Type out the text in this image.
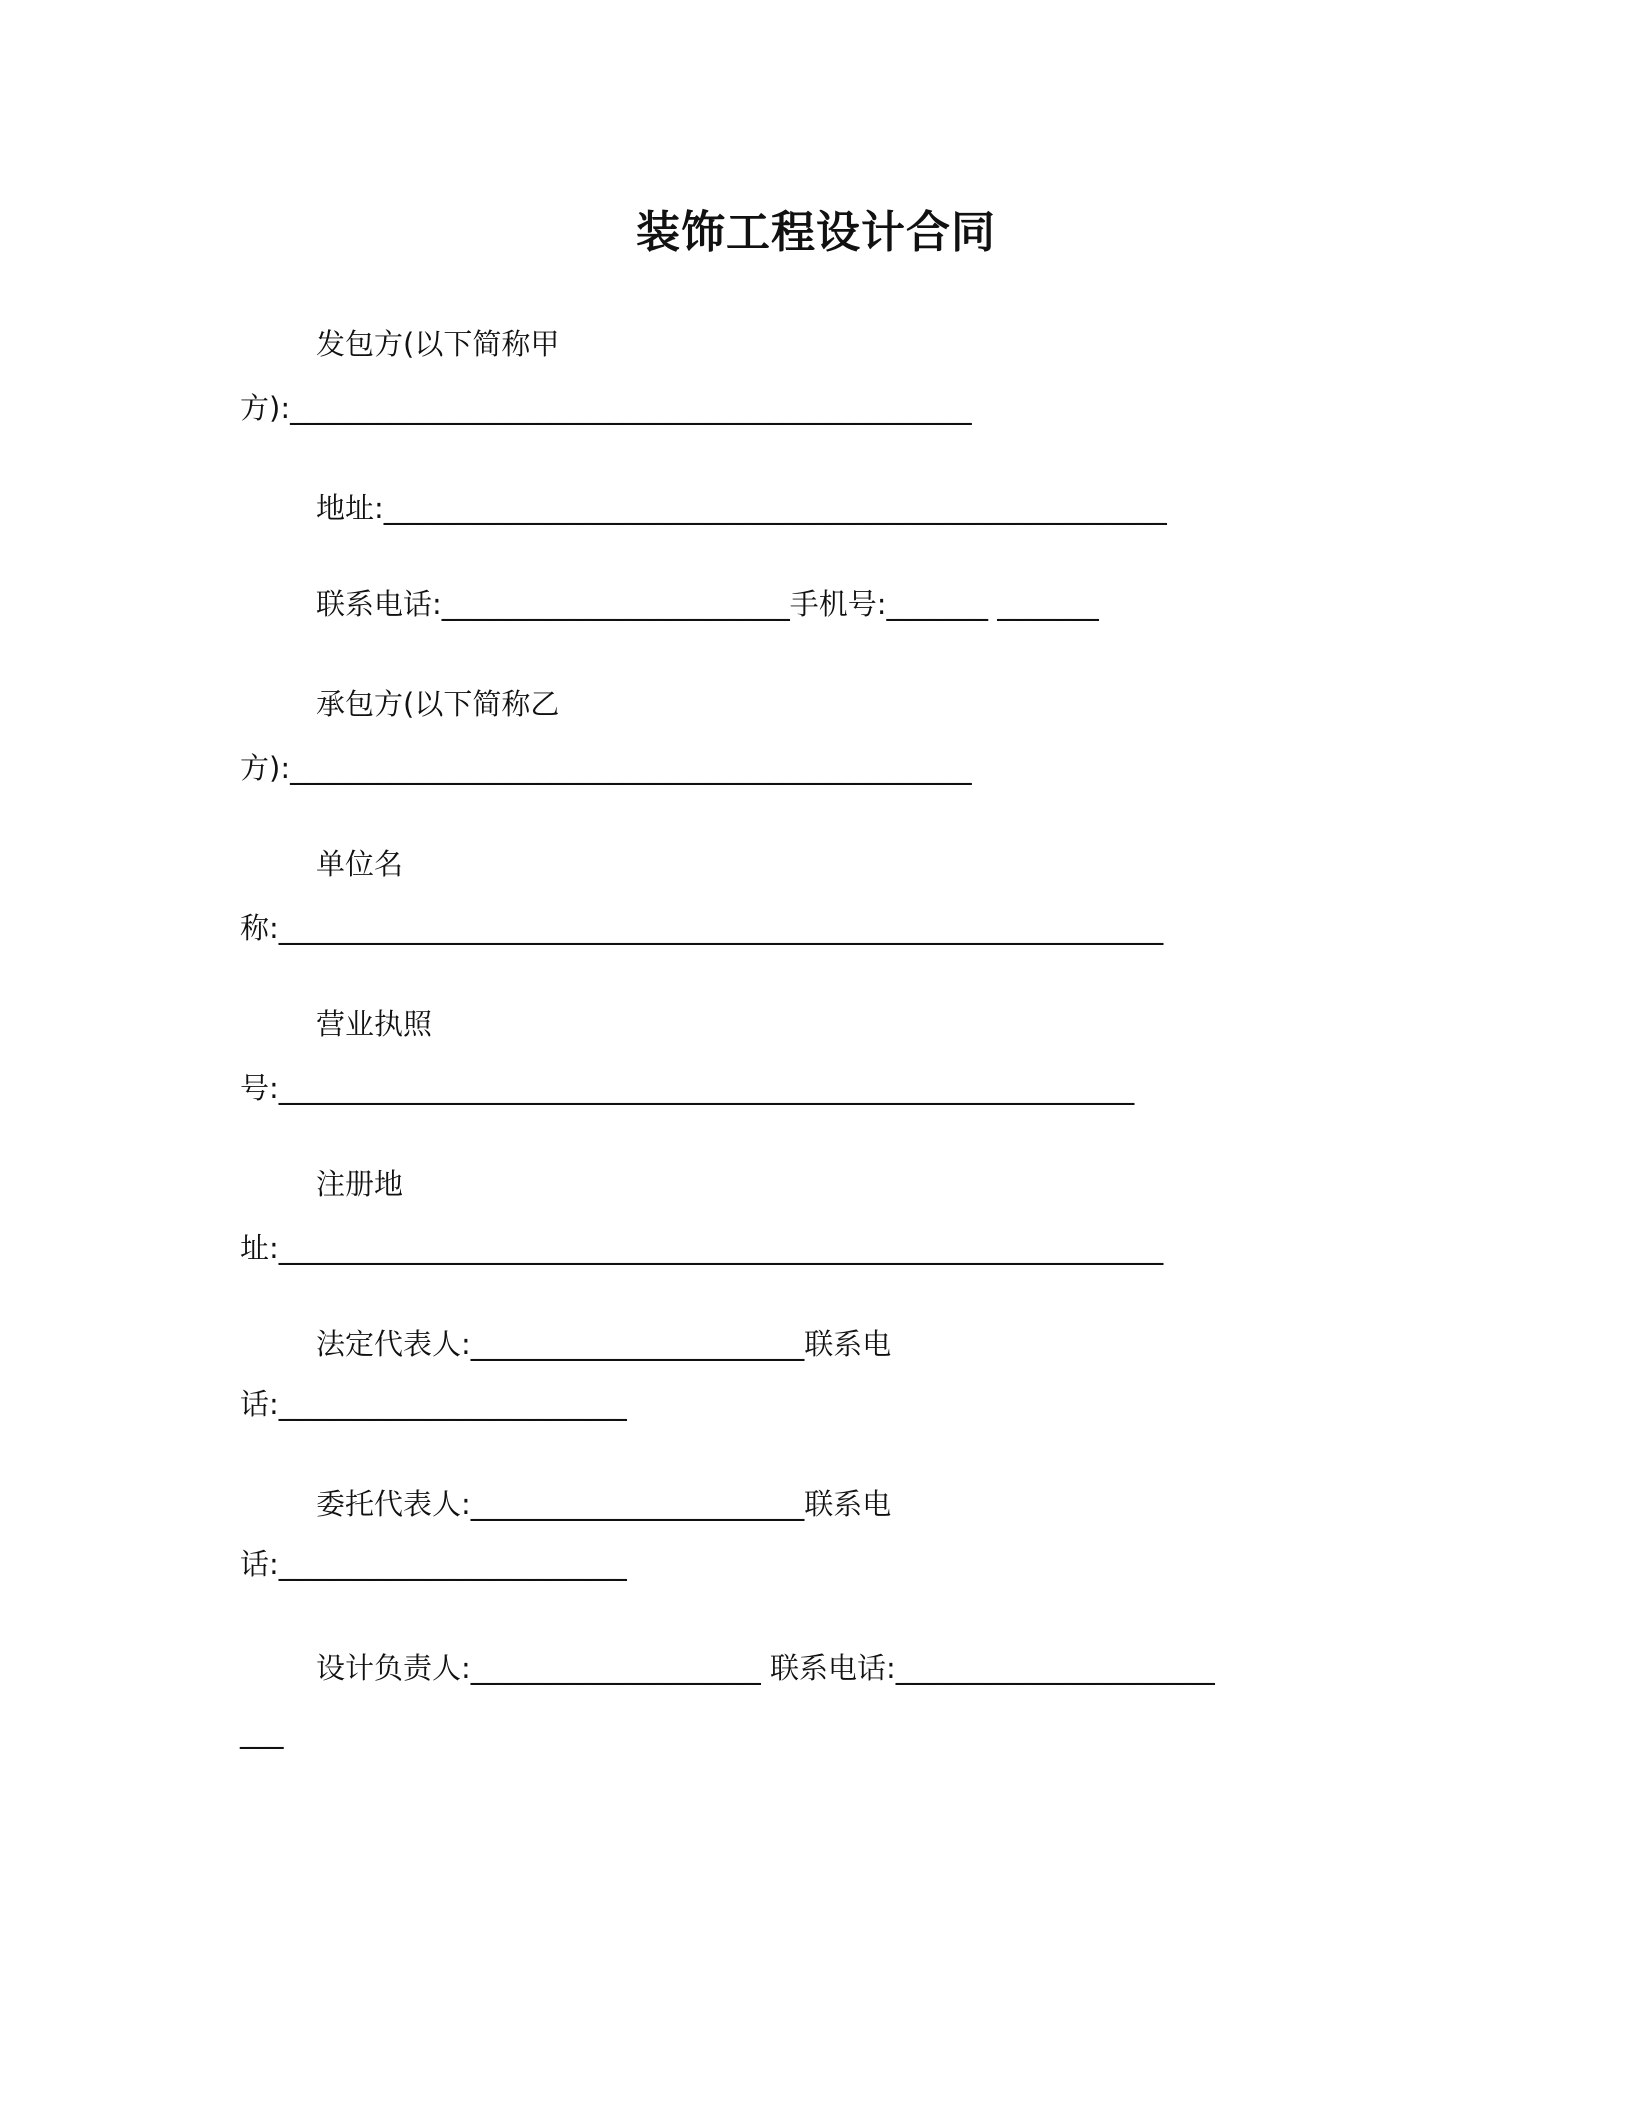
装饰工程设计合同
发包方(以下简称甲
方):_______________________________________________
地址:______________________________________________________
联系电话:________________________手机号:_______ _______
承包方(以下简称乙
方):_______________________________________________
单位名
称:_____________________________________________________________
营业执照
号:___________________________________________________________
注册地
址:_____________________________________________________________
法定代表人:_______________________联系电
话:________________________
委托代表人:_______________________联系电
话:________________________
设计负责人:____________________ 联系电话:______________________
___
